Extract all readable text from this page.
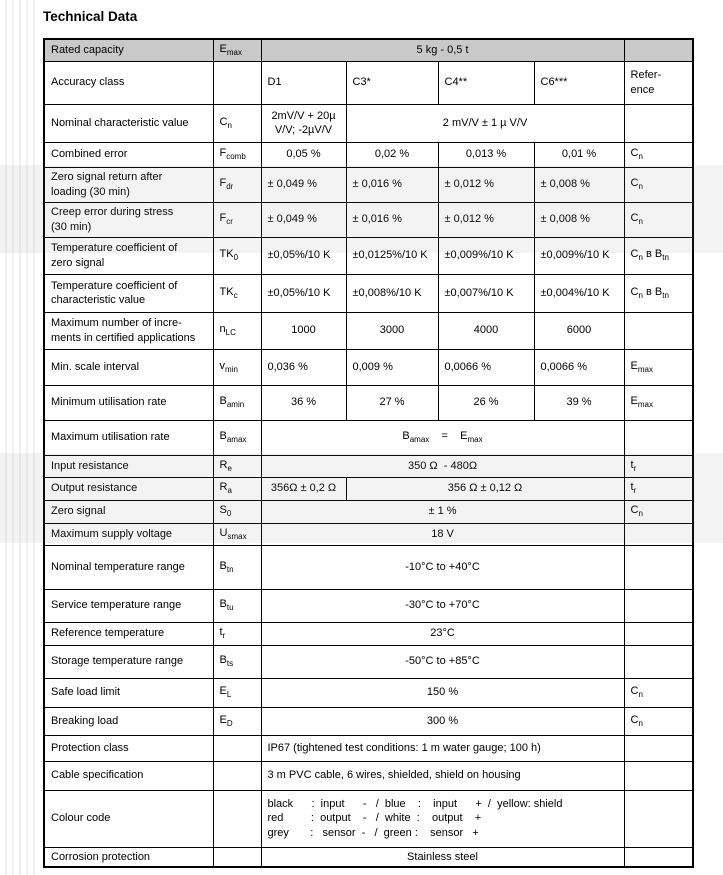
Technical Data
Rated capacity	$E_{max}$	5 kg - 0,5 t				
Accuracy class		D1	C3*	C4**	C6***	Refer-
ence
Nominal characteristic value	$C_n$	2mV/V + 20µ
V/V; -2µV/V	2 mV/V ± 1 µ V/V			
Combined error	$F_{comb}$	0,05 %	0,02 %	0,013 %	0,01 %	$C_n$
Zero signal return after
loading (30 min)	$F_{dr}$	± 0,049 %	± 0,016 %	± 0,012 %	± 0,008 %	$C_n$
Creep error during stress
(30 min)	$F_{cr}$	± 0,049 %	± 0,016 %	± 0,012 %	± 0,008 %	$C_n$
Temperature coefficient of
zero signal	$TK_0$	±0,05%/10 K	±0,0125%/10 K	±0,009%/10 K	±0,009%/10 K	$C_n$ в $B_{tn}$
Temperature coefficient of
characteristic value	$TK_c$	±0,05%/10 K	±0,008%/10 K	±0,007%/10 K	±0,004%/10 K	$C_n$ в $B_{tn}$
Maximum number of incre-
ments in certified applications	$n_{LC}$	1000	3000	4000	6000	
Min. scale interval	$v_{min}$	0,036 %	0,009 %	0,0066 %	0,0066 %	$E_{max}$
Minimum utilisation rate	$B_{amin}$	36 %	27 %	26 %	39 %	$E_{max}$
Maximum utilisation rate	$B_{amax}$	$B_{amax}$    =    $E_{max}$	
Input resistance	$R_e$	350 Ω  - 480Ω				$t_r$
Output resistance	$R_a$	356Ω ± 0,2 Ω	356 Ω ± 0,12 Ω			$t_r$
Zero signal	$S_0$	± 1 %				$C_n$
Maximum supply voltage	$U_{smax}$	18 V				
Nominal temperature range	$B_{tn}$	-10°C to +40°C				
Service temperature range	$B_{tu}$	-30°C to +70°C				
Reference temperature	$t_r$	23°C				
Storage temperature range	$B_{ts}$	-50°C to +85°C				
Safe load limit	$E_L$	150 %				$C_n$
Breaking load	$E_D$	300 %				$C_n$
Protection class		IP67 (tightened test conditions: 1 m water gauge; 100 h)				
Cable specification		3 m PVC cable, 6 wires, shielded, shield on housing				
Colour code		black      :  input      -   /  blue    :    input      +  /  yellow: shield
red         :  output    -   /  white  :    output    +
grey       :   sensor  -   /  green :    sensor   +				
Corrosion protection		Stainless steel				
